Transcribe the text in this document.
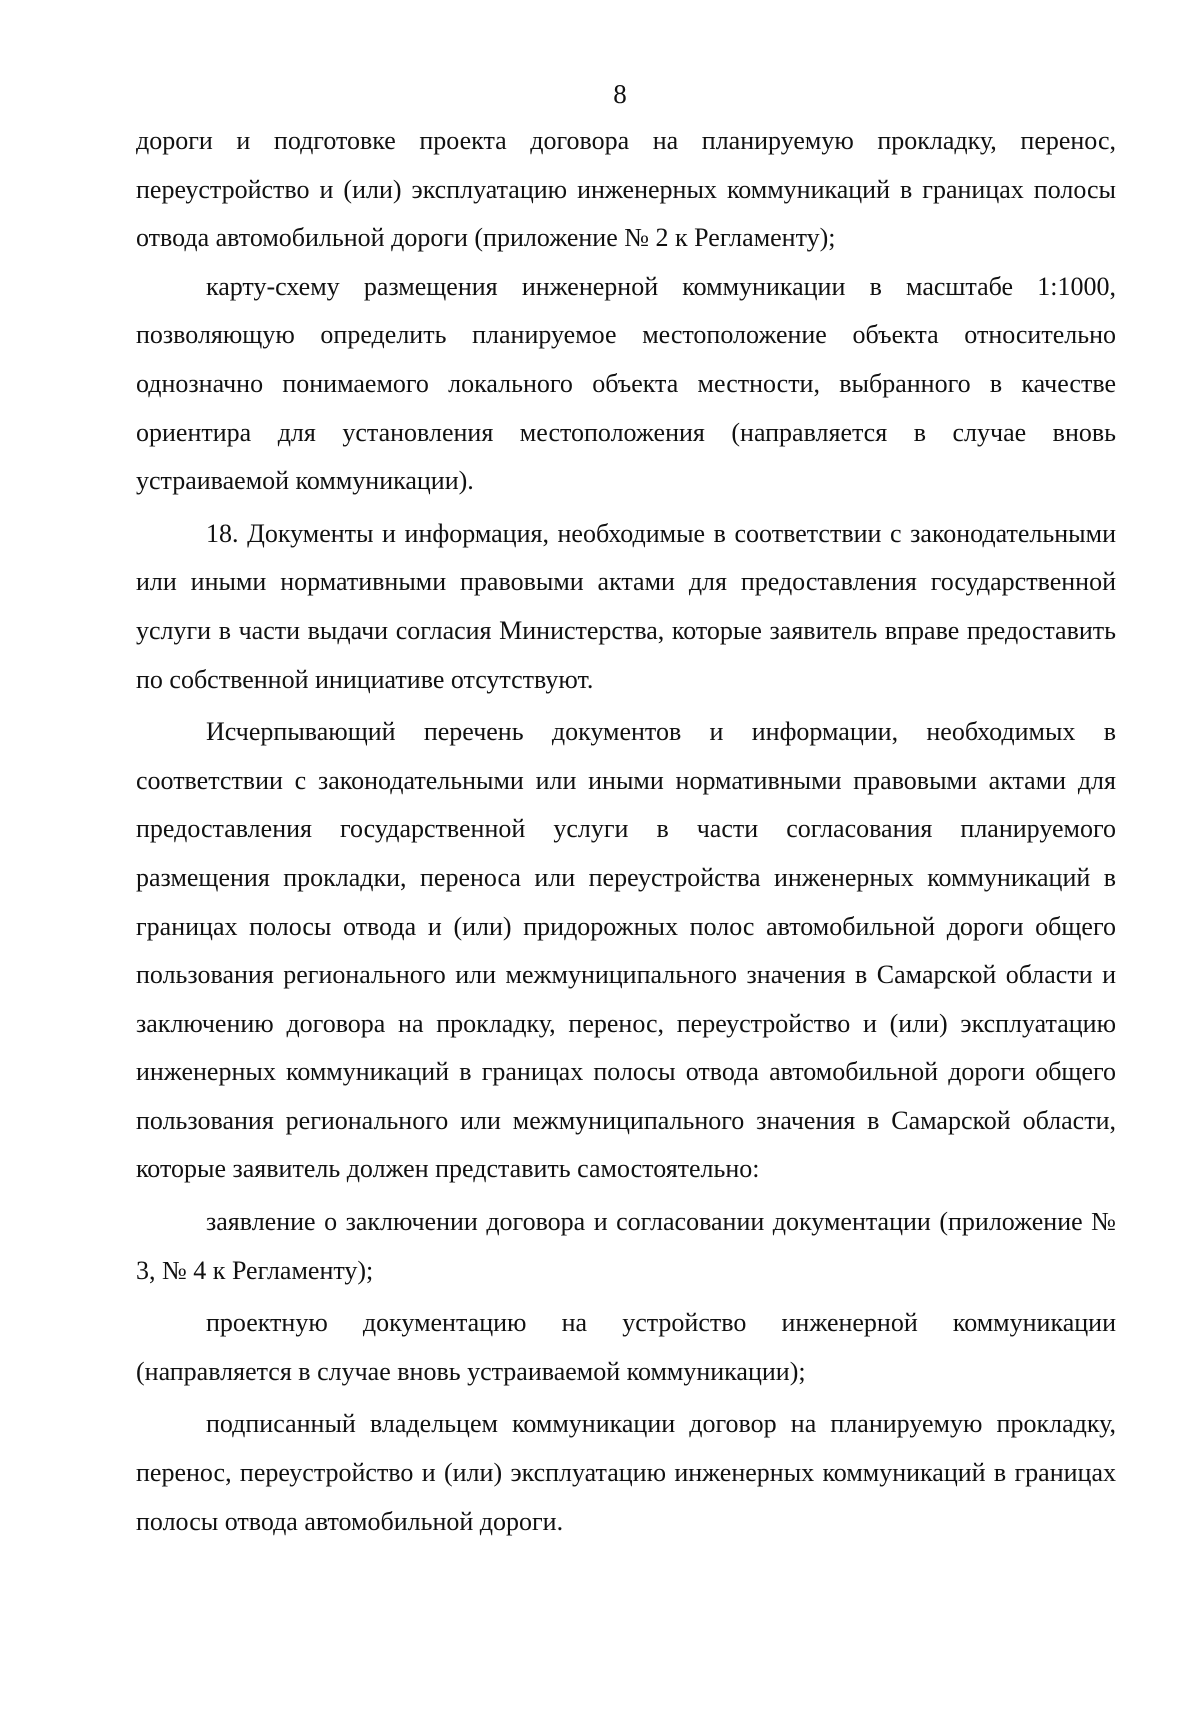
8

дороги и подготовке проекта договора на планируемую прокладку, перенос, переустройство и (или) эксплуатацию инженерных коммуникаций в границах полосы отвода автомобильной дороги (приложение № 2 к Регламенту);

карту-схему размещения инженерной коммуникации в масштабе 1:1000, позволяющую определить планируемое местоположение объекта относительно однозначно понимаемого локального объекта местности, выбранного в качестве ориентира для установления местоположения (направляется в случае вновь устраиваемой коммуникации).

18. Документы и информация, необходимые в соответствии с законодательными или иными нормативными правовыми актами для предоставления государственной услуги в части выдачи согласия Министерства, которые заявитель вправе предоставить по собственной инициативе отсутствуют.

Исчерпывающий перечень документов и информации, необходимых в соответствии с законодательными или иными нормативными правовыми актами для предоставления государственной услуги в части согласования планируемого размещения прокладки, переноса или переустройства инженерных коммуникаций в границах полосы отвода и (или) придорожных полос автомобильной дороги общего пользования регионального или межмуниципального значения в Самарской области и заключению договора на прокладку, перенос, переустройство и (или) эксплуатацию инженерных коммуникаций в границах полосы отвода автомобильной дороги общего пользования регионального или межмуниципального значения в Самарской области, которые заявитель должен представить самостоятельно:

заявление о заключении договора и согласовании документации (приложение № 3, № 4 к Регламенту);

проектную документацию на устройство инженерной коммуникации (направляется в случае вновь устраиваемой коммуникации);

подписанный владельцем коммуникации договор на планируемую прокладку, перенос, переустройство и (или) эксплуатацию инженерных коммуникаций в границах полосы отвода автомобильной дороги.
